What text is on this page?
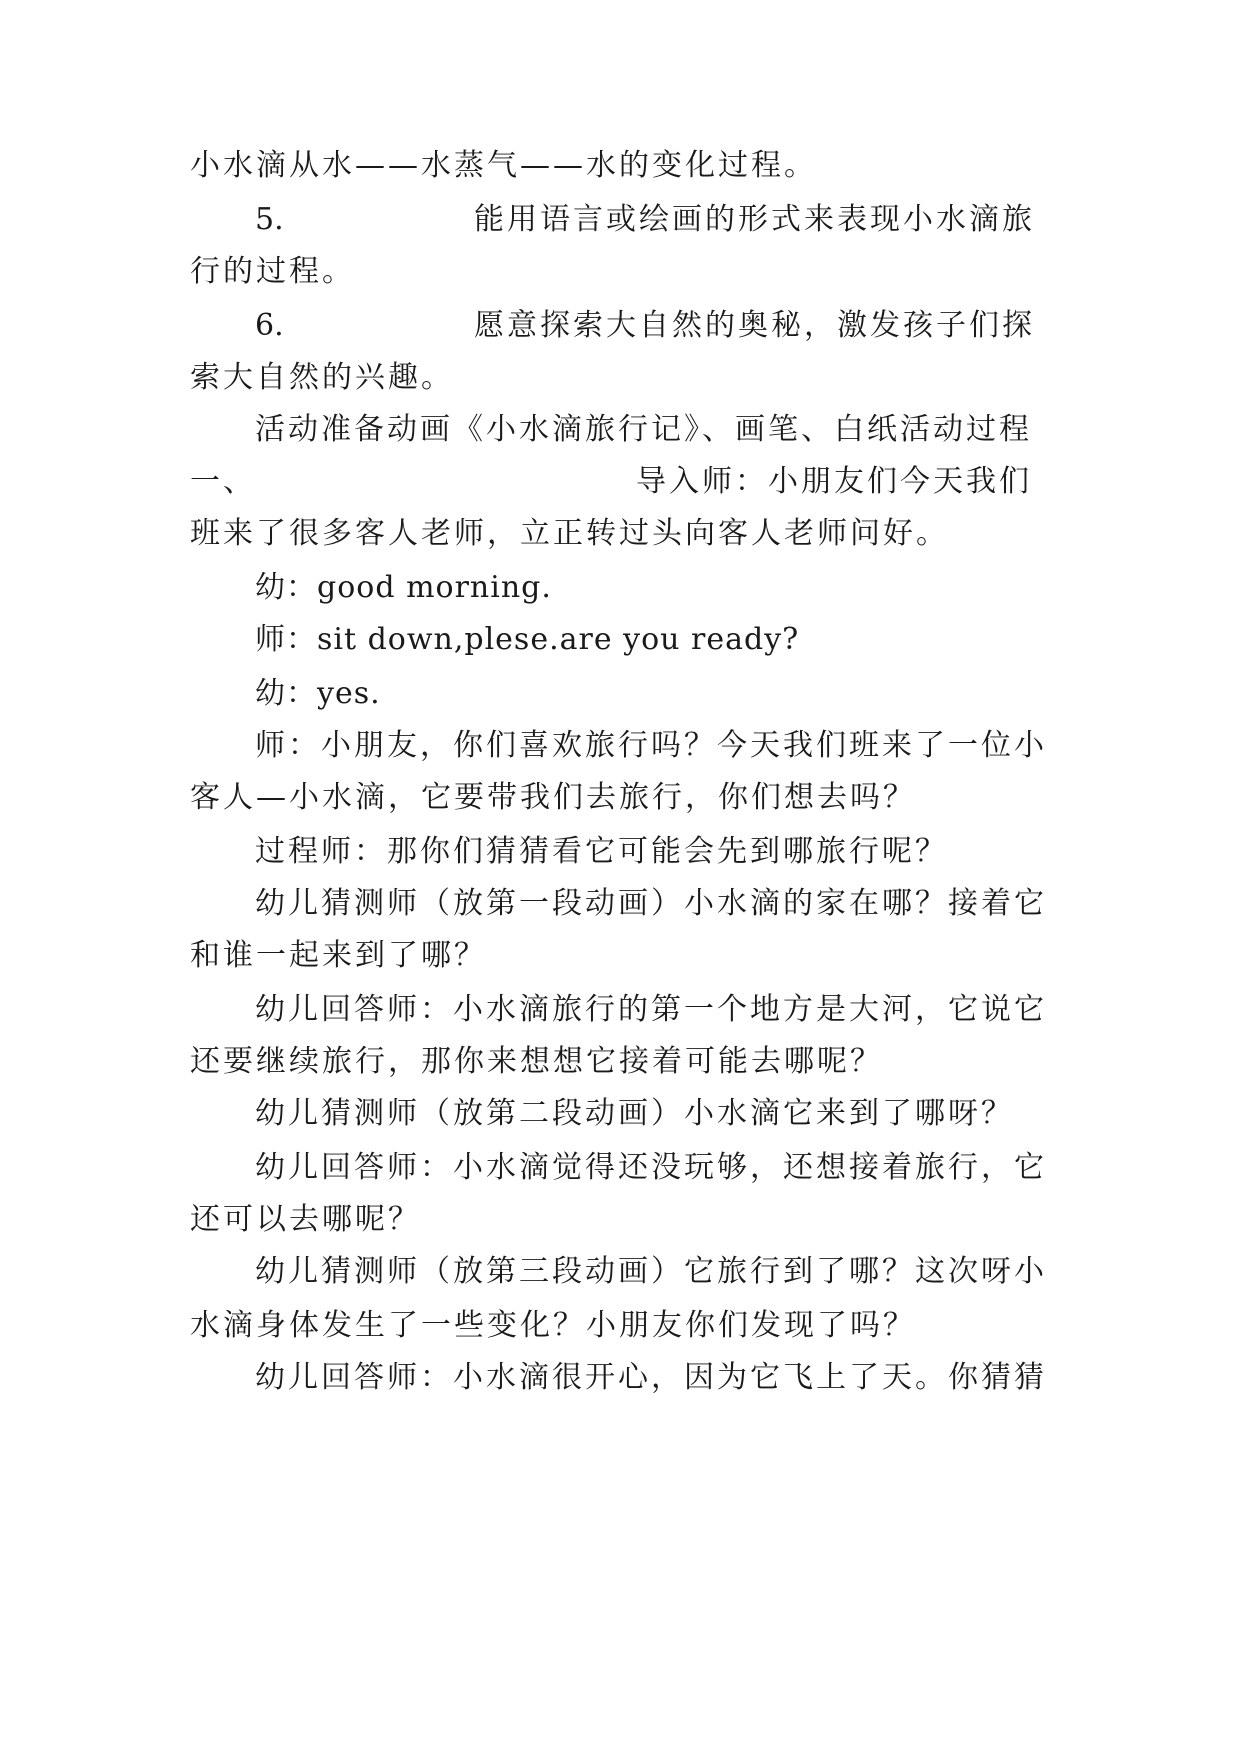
小水滴从水——水蒸气——水的变化过程。
5.	能用语言或绘画的形式来表现小水滴旅
行的过程。
6.	愿意探索大自然的奥秘，激发孩子们探
索大自然的兴趣。
活动准备动画《小水滴旅行记》、画笔、白纸活动过程
一、	导入师：小朋友们今天我们
班来了很多客人老师，立正转过头向客人老师问好。
幼：good morning.
师：sit down,plese.are you ready?
幼：yes.
师：小朋友，你们喜欢旅行吗？今天我们班来了一位小
客人—小水滴，它要带我们去旅行，你们想去吗？
过程师：那你们猜猜看它可能会先到哪旅行呢？
幼儿猜测师（放第一段动画）小水滴的家在哪？接着它
和谁一起来到了哪？
幼儿回答师：小水滴旅行的第一个地方是大河，它说它
还要继续旅行，那你来想想它接着可能去哪呢？
幼儿猜测师（放第二段动画）小水滴它来到了哪呀？
幼儿回答师：小水滴觉得还没玩够，还想接着旅行，它
还可以去哪呢？
幼儿猜测师（放第三段动画）它旅行到了哪？这次呀小
水滴身体发生了一些变化？小朋友你们发现了吗？
幼儿回答师：小水滴很开心，因为它飞上了天。你猜猜
